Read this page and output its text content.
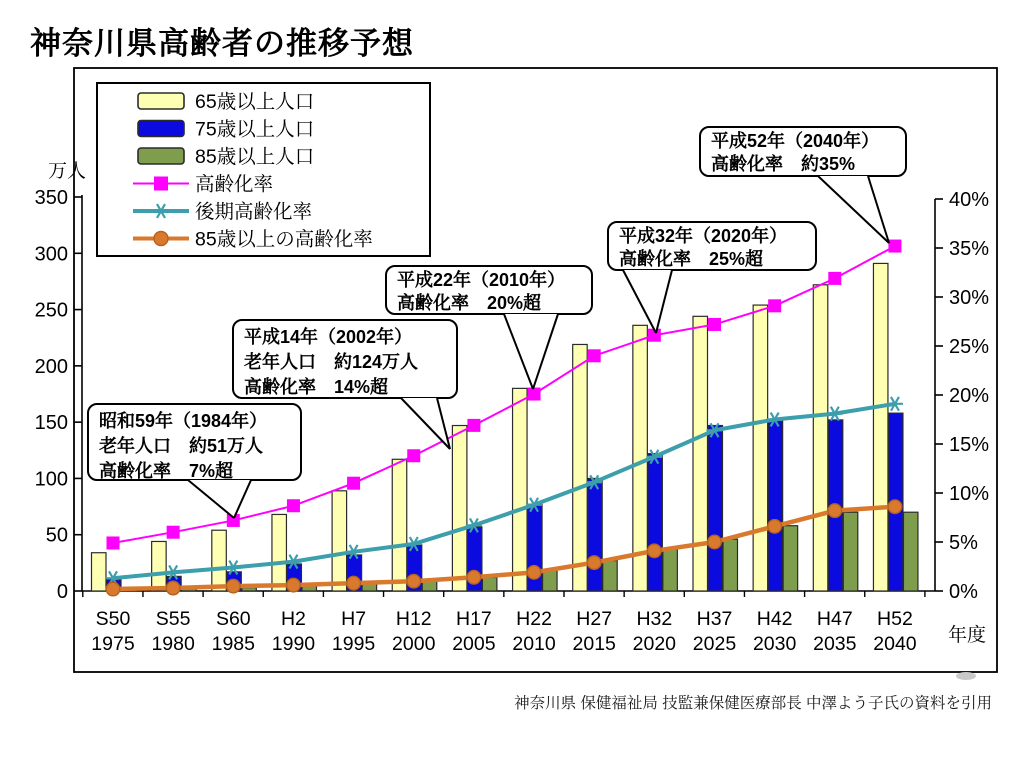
神奈川県高齢者の推移予想
万人
年度
0
50
100
150
200
250
300
350
0%
5%
10%
15%
20%
25%
30%
35%
40%
S50
1975
S55
1980
S60
1985
H2
1990
H7
1995
H12
2000
H17
2005
H22
2010
H27
2015
H32
2020
H37
2025
H42
2030
H47
2035
H52
2040
65歳以上人口
75歳以上人口
85歳以上人口
高齢化率
後期高齢化率
85歳以上の高齢化率
昭和59年（1984年）
老年人口　約51万人
高齢化率　7%超
平成14年（2002年）
老年人口　約124万人
高齢化率　14%超
平成22年（2010年）
高齢化率　20%超
平成32年（2020年）
高齢化率　25%超
平成52年（2040年）
高齢化率　約35%
神奈川県 保健福祉局 技監兼保健医療部長 中澤よう子氏の資料を引用
